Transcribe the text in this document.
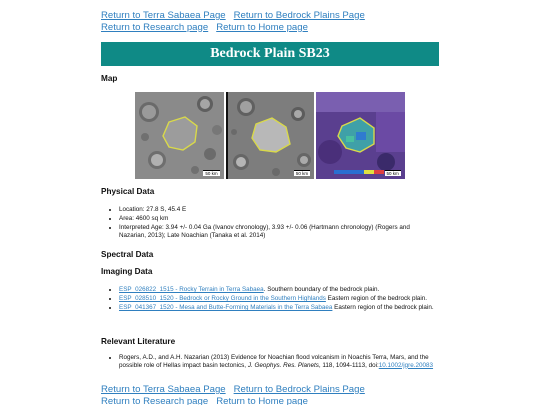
Return to Terra Sabaea Page Return to Bedrock Plains Page
Return to Research page Return to Home page
Bedrock Plain SB23
Map
50 km	50 km	50 km
Physical Data
• Location: 27.8 S, 45.4 E
• Area: 4600 sq km
• Interpreted Age: 3.94 +/- 0.04 Ga (Ivanov chronology), 3.93 +/- 0.06 (Hartmann chronology) (Rogers and Nazarian, 2013); Late Noachian (Tanaka et al. 2014)
Spectral Data
Imaging Data
• ESP_026822_1515 - Rocky Terrain in Terra Sabaea. Southern boundary of the bedrock plain.
• ESP_028510_1520 - Bedrock or Rocky Ground in the Southern Highlands Eastern region of the bedrock plain.
• ESP_041367_1520 - Mesa and Butte-Forming Materials in the Terra Sabaea Eastern region of the bedrock plain.
Relevant Literature
• Rogers, A.D., and A.H. Nazarian (2013) Evidence for Noachian flood volcanism in Noachis Terra, Mars, and the possible role of Hellas impact basin tectonics, J. Geophys. Res. Planets, 118, 1094-1113, doi:10.1002/jgre.20083
Return to Terra Sabaea Page Return to Bedrock Plains Page
Return to Research page Return to Home page
